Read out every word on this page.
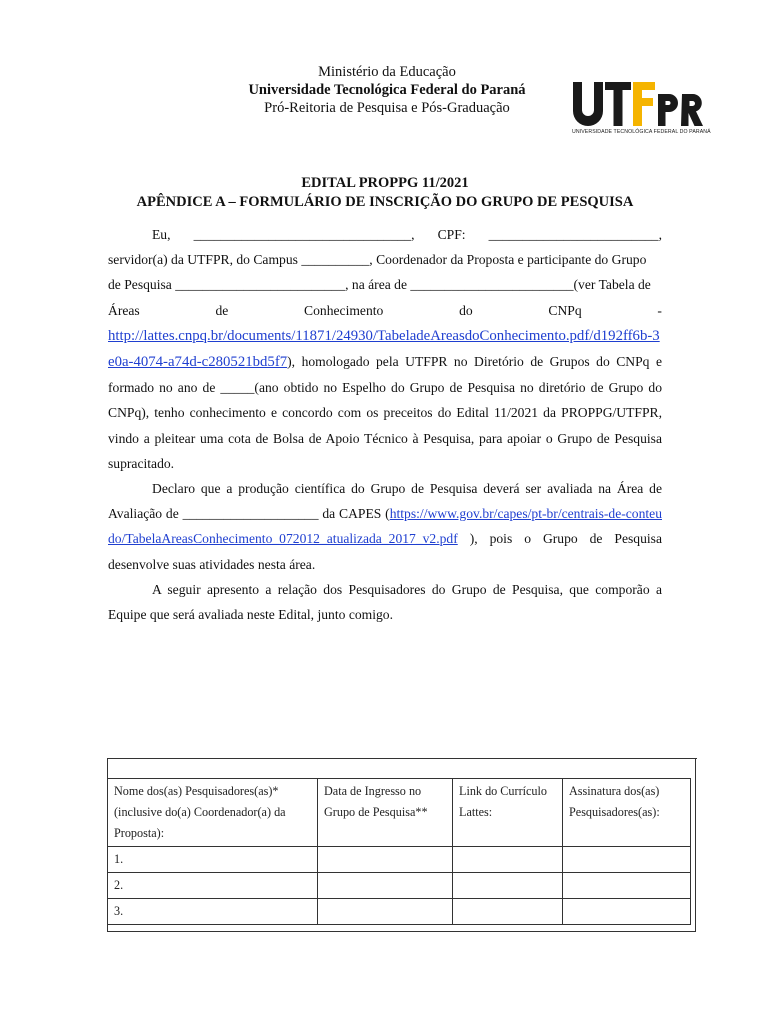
Ministério da Educação
Universidade Tecnológica Federal do Paraná
Pró-Reitoria de Pesquisa e Pós-Graduação
UNIVERSIDADE TECNOLÓGICA FEDERAL DO PARANÁ
EDITAL PROPPG 11/2021
APÊNDICE A – FORMULÁRIO DE INSCRIÇÃO DO GRUPO DE PESQUISA
Eu, ________________________________, CPF: _________________________,

servidor(a) da UTFPR, do Campus __________, Coordenador da Proposta e participante do Grupo

de Pesquisa _________________________, na área de ________________________(ver Tabela de

Áreas	de	Conhecimento	do	CNPq	-

http://lattes.cnpq.br/documents/11871/24930/TabeladeAreasdoConhecimento.pdf/d192ff6b-3e0a-4074-a74d-c280521bd5f7), homologado pela UTFPR no Diretório de Grupos do CNPq e formado no ano de _____(ano obtido no Espelho do Grupo de Pesquisa no diretório de Grupo do CNPq), tenho conhecimento e concordo com os preceitos do Edital 11/2021 da PROPPG/UTFPR, vindo a pleitear uma cota de Bolsa de Apoio Técnico à Pesquisa, para apoiar o Grupo de Pesquisa supracitado.

Declaro que a produção científica do Grupo de Pesquisa deverá ser avaliada na Área de Avaliação de ____________________ da CAPES (https://www.gov.br/capes/pt-br/centrais-de-conteudo/TabelaAreasConhecimento_072012_atualizada_2017_v2.pdf ), pois o Grupo de Pesquisa desenvolve suas atividades nesta área.

A seguir apresento a relação dos Pesquisadores do Grupo de Pesquisa, que comporão a Equipe que será avaliada neste Edital, junto comigo.

Nome dos(as) Pesquisadores(as)* (inclusive do(a) Coordenador(a) da Proposta):	Data de Ingresso no Grupo de Pesquisa**	Link do Currículo Lattes:	Assinatura dos(as) Pesquisadores(as):
1.			
2.			
3.			
